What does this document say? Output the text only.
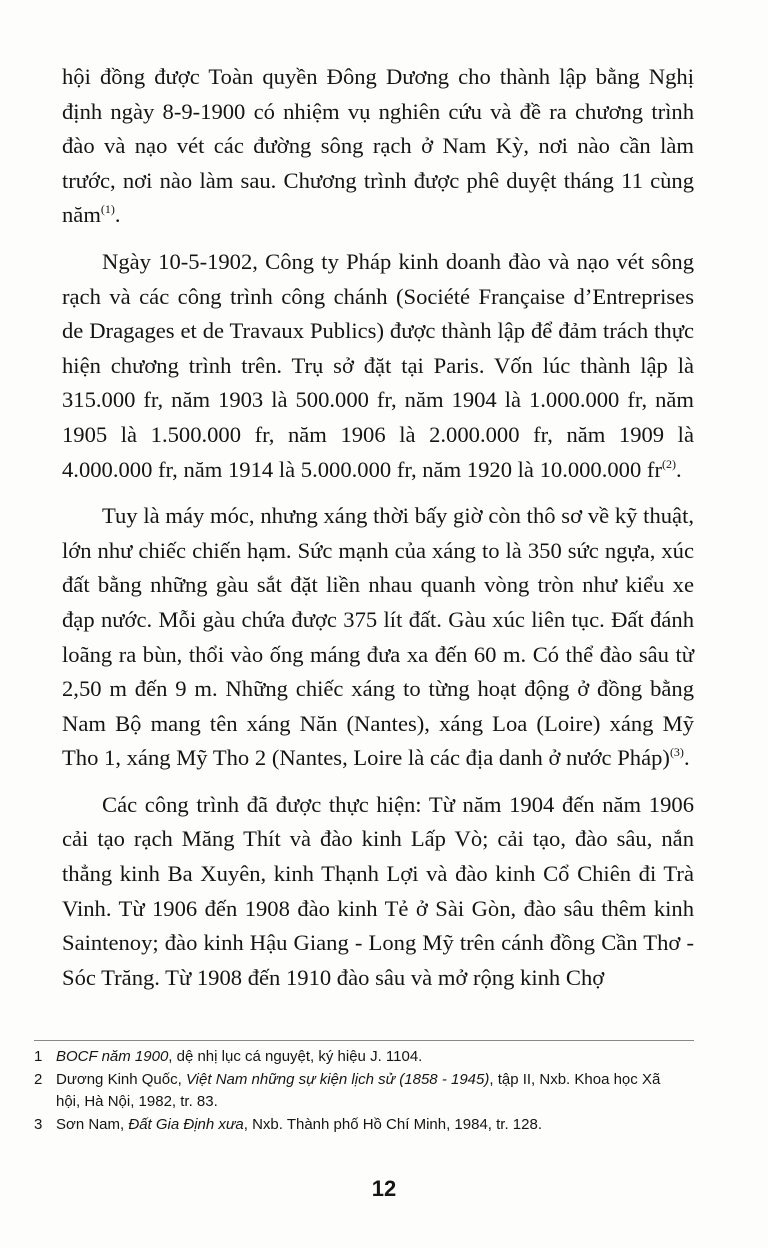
hội đồng được Toàn quyền Đông Dương cho thành lập bằng Nghị định ngày 8-9-1900 có nhiệm vụ nghiên cứu và đề ra chương trình đào và nạo vét các đường sông rạch ở Nam Kỳ, nơi nào cần làm trước, nơi nào làm sau. Chương trình được phê duyệt tháng 11 cùng năm$^{(1)}$.

Ngày 10-5-1902, Công ty Pháp kinh doanh đào và nạo vét sông rạch và các công trình công chánh (Société Française d’Entreprises de Dragages et de Travaux Publics) được thành lập để đảm trách thực hiện chương trình trên. Trụ sở đặt tại Paris. Vốn lúc thành lập là 315.000 fr, năm 1903 là 500.000 fr, năm 1904 là 1.000.000 fr, năm 1905 là 1.500.000 fr, năm 1906 là 2.000.000 fr, năm 1909 là 4.000.000 fr, năm 1914 là 5.000.000 fr, năm 1920 là 10.000.000 $fr^{(2)}$.

Tuy là máy móc, nhưng xáng thời bấy giờ còn thô sơ về kỹ thuật, lớn như chiếc chiến hạm. Sức mạnh của xáng to là 350 sức ngựa, xúc đất bằng những gàu sắt đặt liền nhau quanh vòng tròn như kiểu xe đạp nước. Mỗi gàu chứa được 375 lít đất. Gàu xúc liên tục. Đất đánh loãng ra bùn, thổi vào ống máng đưa xa đến 60 m. Có thể đào sâu từ 2,50 m đến 9 m. Những chiếc xáng to từng hoạt động ở đồng bằng Nam Bộ mang tên xáng Năn (Nantes), xáng Loa (Loire) xáng Mỹ Tho 1, xáng Mỹ Tho 2 (Nantes, Loire là các địa danh ở nước Pháp)$^{(3)}$.

Các công trình đã được thực hiện: Từ năm 1904 đến năm 1906 cải tạo rạch Măng Thít và đào kinh Lấp Vò; cải tạo, đào sâu, nắn thẳng kinh Ba Xuyên, kinh Thạnh Lợi và đào kinh Cổ Chiên đi Trà Vinh. Từ 1906 đến 1908 đào kinh Tẻ ở Sài Gòn, đào sâu thêm kinh Saintenoy; đào kinh Hậu Giang - Long Mỹ trên cánh đồng Cần Thơ - Sóc Trăng. Từ 1908 đến 1910 đào sâu và mở rộng kinh Chợ

1 BOCF năm 1900, dệ nhị lục cá nguyệt, ký hiệu J. 1104.
2 Dương Kinh Quốc, Việt Nam những sự kiện lịch sử (1858 - 1945), tập II, Nxb. Khoa học Xã hội, Hà Nội, 1982, tr. 83.
3 Sơn Nam, Đất Gia Định xưa, Nxb. Thành phố Hồ Chí Minh, 1984, tr. 128.
12
